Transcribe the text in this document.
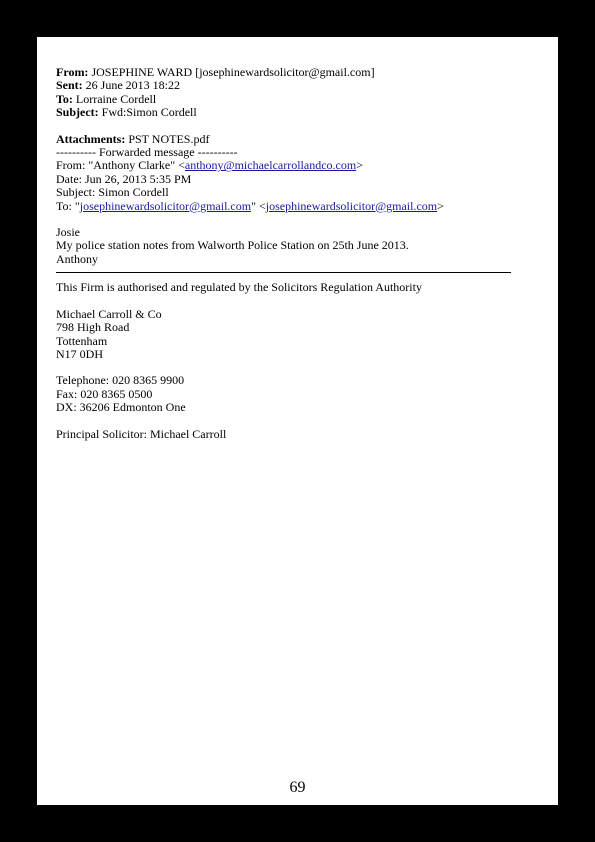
From: JOSEPHINE WARD [josephinewardsolicitor@gmail.com]
Sent: 26 June 2013 18:22
To: Lorraine Cordell
Subject: Fwd:Simon Cordell
Attachments: PST NOTES.pdf
---------- Forwarded message ----------
From: "Anthony Clarke" <anthony@michaelcarrollandco.com>
Date: Jun 26, 2013 5:35 PM
Subject: Simon Cordell
To: "josephinewardsolicitor@gmail.com" <josephinewardsolicitor@gmail.com>
Josie
My police station notes from Walworth Police Station on 25th June 2013.
Anthony
This Firm is authorised and regulated by the Solicitors Regulation Authority
Michael Carroll & Co
798 High Road
Tottenham
N17 0DH
Telephone: 020 8365 9900
Fax: 020 8365 0500
DX: 36206 Edmonton One
Principal Solicitor: Michael Carroll
69
